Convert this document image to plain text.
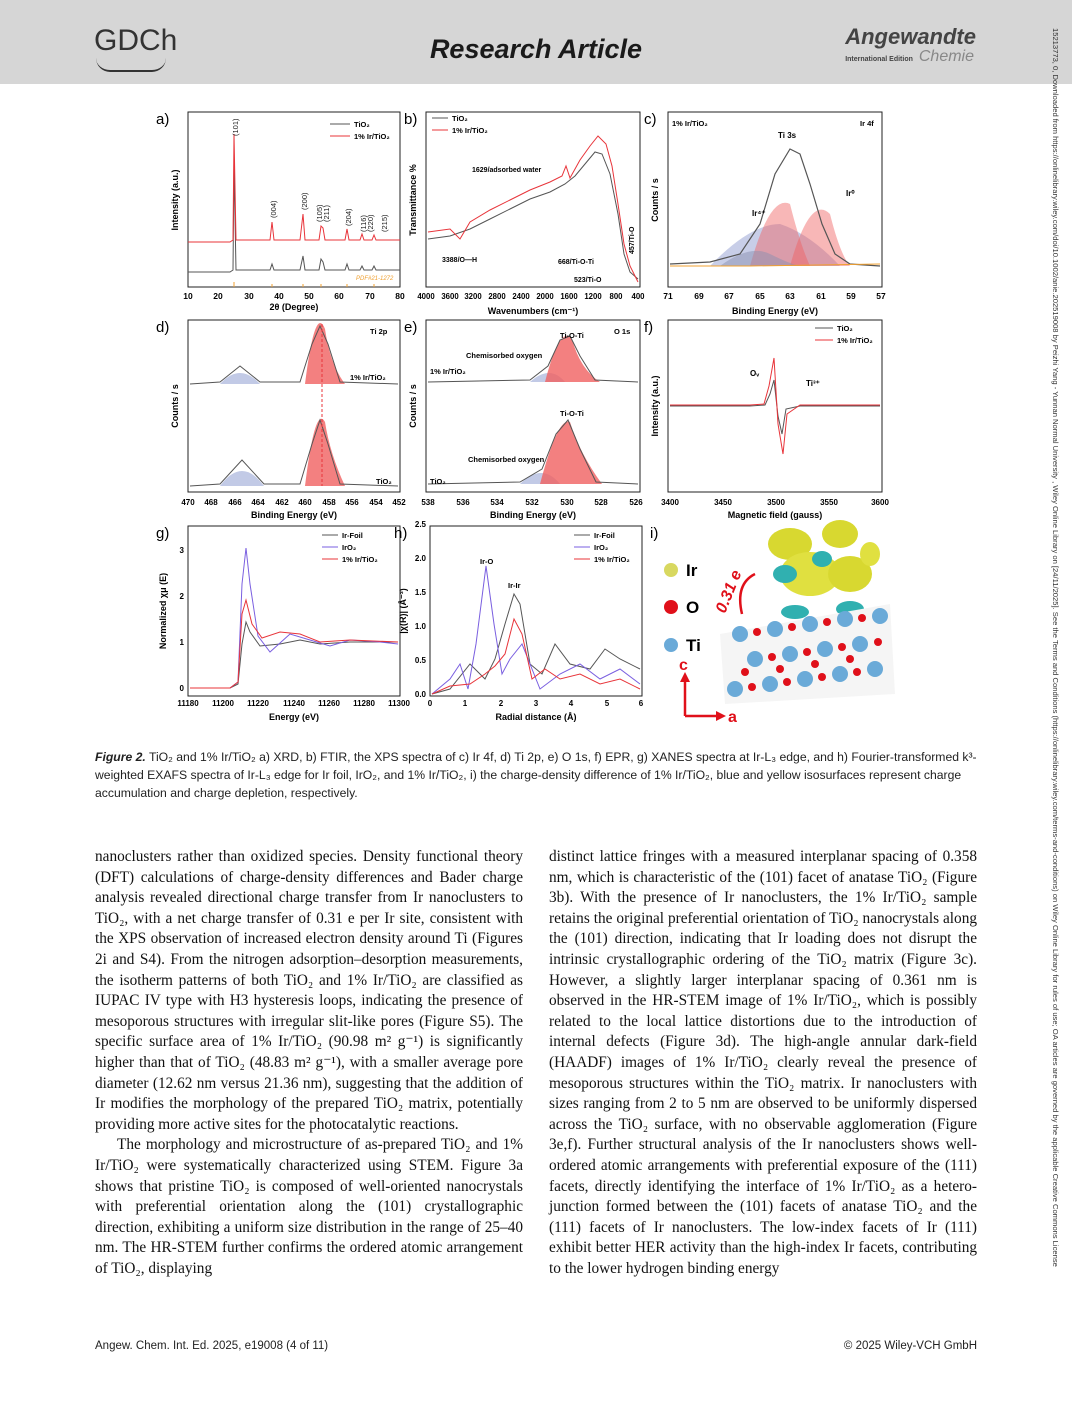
GDCh	Research Article	Angewandte
International Edition Chemie	15213773, 0, Downloaded from https://onlinelibrary.wiley.com/doi/10.1002/anie.202519008 by Peizhi Yang - Yunnan Normal University , Wiley Online Library on [24/11/2025]. See the Terms and Conditions (https://onlinelibrary.wiley.com/terms-and-conditions) on Wiley Online Library for rules of use; OA articles are governed by the applicable Creative Commons License
a)
Intensity (a.u.)
2θ (Degree)
10 20	30 40 50 60	70 80
(101)
(004)	(200)
(105)
(211) (204) (116)
(220) (215)
PDF#21-1272
TiO₂
1% Ir/TiO₂
b)
Transmittance %
Wavenumbers (cm⁻¹)
4000 3600 3200 2800 2400 2000 1600 1200 800 400
1629/adsorbed water
3388/O—H	668/Ti-O-Ti
523/Ti-O
457/Ti-O
TiO₂
1% Ir/TiO₂
c)
Counts / s
Binding Energy (eV)
71	69 67	65 63	61 59 57
1% Ir/TiO₂	Ir 4f
Ti 3s
Ir⁰
Ir⁴⁺
d)
Counts / s
Binding Energy (eV)
470 468 466 464 462 460 458 456 454 452
Ti 2p
1% Ir/TiO₂
TiO₂
e)
Counts / s
Binding Energy (eV)
538	536	534	532	530	528	526
O 1s
1% Ir/TiO₂
TiO₂
Ti-O-Ti
Chemisorbed oxygen
Ti-O-Ti
Chemisorbed oxygen
f)
Intensity (a.u.)
Magnetic field (gauss)
3400	3450	3500	3550	3600
Oᵥ
Ti³⁺
TiO₂
1% Ir/TiO₂
g)
Normalized χμ (E)
Energy (eV)
11180 11200 11220 11240 11260 11280 11300
0
1
2
3
Ir-Foil
IrO₂
1% Ir/TiO₂
h)
|χ(R)| (Å⁻³)
Radial distance (Å)
0	1	2	3	4	5	6
0.0
0.5
1.0
1.5
2.0
2.5
Ir-O
Ir-Ir
Ir-Foil
IrO₂
1% Ir/TiO₂
i)
Ir
O
Ti
0.31 e
c
a
Figure 2. TiO₂ and 1% Ir/TiO₂ a) XRD, b) FTIR, the XPS spectra of c) Ir 4f, d) Ti 2p, e) O 1s, f) EPR, g) XANES spectra at Ir-L₃ edge, and h) Fourier-transformed k³-weighted EXAFS spectra of Ir-L₃ edge for Ir foil, IrO₂, and 1% Ir/TiO₂, i) the charge-density difference of 1% Ir/TiO₂, blue and yellow isosurfaces represent charge accumulation and charge depletion, respectively.

nanoclusters rather than oxidized species. Density functional theory (DFT) calculations of charge-density differences and Bader charge analysis revealed directional charge transfer from Ir nanoclusters to TiO₂, with a net charge transfer of 0.31 e per Ir site, consistent with the XPS observation of increased electron density around Ti (Figures 2i and S4). From the nitrogen adsorption–desorption measurements, the isotherm patterns of both TiO₂ and 1% Ir/TiO₂ are classified as IUPAC IV type with H3 hysteresis loops, indicating the presence of mesoporous structures with irregular slit-like pores (Figure S5). The specific surface area of 1% Ir/TiO₂ (90.98 m² g⁻¹) is significantly higher than that of TiO₂ (48.83 m² g⁻¹), with a smaller average pore diameter (12.62 nm versus 21.36 nm), suggesting that the addition of Ir modifies the morphology of the prepared TiO₂ matrix, potentially providing more active sites for the photocatalytic reactions.

The morphology and microstructure of as-prepared TiO₂ and 1% Ir/TiO₂ were systematically characterized using STEM. Figure 3a shows that pristine TiO₂ is composed of well-oriented nanocrystals with preferential orientation along the (101) crystallographic direction, exhibiting a uniform size distribution in the range of 25–40 nm. The HR-STEM further confirms the ordered atomic arrangement of TiO₂, displaying

distinct lattice fringes with a measured interplanar spacing of 0.358 nm, which is characteristic of the (101) facet of anatase TiO₂ (Figure 3b). With the presence of Ir nanoclusters, the 1% Ir/TiO₂ sample retains the original preferential orientation of TiO₂ nanocrystals along the (101) direction, indicating that Ir loading does not disrupt the intrinsic crystallographic ordering of the TiO₂ matrix (Figure 3c). However, a slightly larger interplanar spacing of 0.361 nm is observed in the HR-STEM image of 1% Ir/TiO₂, which is possibly related to the local lattice distortions due to the introduction of internal defects (Figure 3d). The high-angle annular dark-field (HAADF) images of 1% Ir/TiO₂ clearly reveal the presence of mesoporous structures within the TiO₂ matrix. Ir nanoclusters with sizes ranging from 2 to 5 nm are observed to be uniformly dispersed across the TiO₂ surface, with no observable agglomeration (Figure 3e,f). Further structural analysis of the Ir nanoclusters shows well-ordered atomic arrangements with preferential exposure of the (111) facets, directly identifying the interface of 1% Ir/TiO₂ as a hetero-junction formed between the (101) facets of anatase TiO₂ and the (111) facets of Ir nanoclusters. The low-index facets of Ir (111) exhibit better HER activity than the high-index Ir facets, contributing to the lower hydrogen binding energy

Angew. Chem. Int. Ed. 2025, e19008 (4 of 11)	© 2025 Wiley-VCH GmbH
